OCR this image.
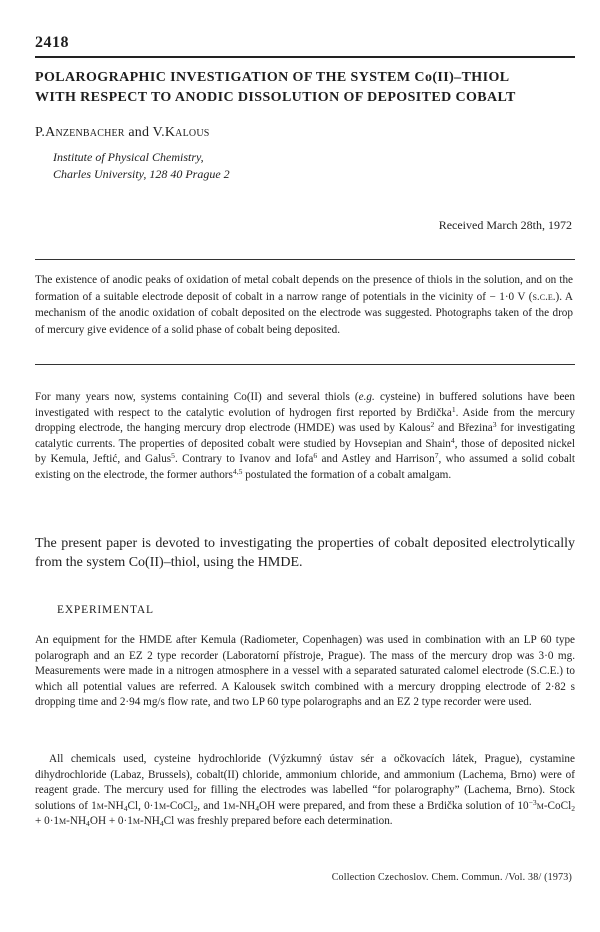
2418
POLAROGRAPHIC INVESTIGATION OF THE SYSTEM Co(II)–THIOL
WITH RESPECT TO ANODIC DISSOLUTION OF DEPOSITED COBALT
P.Anzenbacher and V.Kalous
Institute of Physical Chemistry,
Charles University, 128 40 Prague 2
Received March 28th, 1972
The existence of anodic peaks of oxidation of metal cobalt depends on the presence of thiols in the solution, and on the formation of a suitable electrode deposit of cobalt in a narrow range of potentials in the vicinity of − 1·0 V (s.c.e.). A mechanism of the anodic oxidation of cobalt deposited on the electrode was suggested. Photographs taken of the drop of mercury give evidence of a solid phase of cobalt being deposited.
For many years now, systems containing Co(II) and several thiols (e.g. cysteine) in buffered solutions have been investigated with respect to the catalytic evolution of hydrogen first reported by Brdička$^1$. Aside from the mercury dropping electrode, the hanging mercury drop electrode (HMDE) was used by Kalous$^2$ and Březina$^3$ for investigating catalytic currents. The properties of deposited cobalt were studied by Hovsepian and Shain$^4$, those of deposited nickel by Kemula, Jeftić, and Galus$^5$. Contrary to Ivanov and Iofa$^6$ and Astley and Harrison$^7$, who assumed a solid cobalt existing on the electrode, the former authors$^{4,5}$ postulated the formation of a cobalt amalgam.
The present paper is devoted to investigating the properties of cobalt deposited electrolytically from the system Co(II)–thiol, using the HMDE.
EXPERIMENTAL
An equipment for the HMDE after Kemula (Radiometer, Copenhagen) was used in combination with an LP 60 type polarograph and an EZ 2 type recorder (Laboratorní přístroje, Prague). The mass of the mercury drop was 3·0 mg. Measurements were made in a nitrogen atmosphere in a vessel with a separated saturated calomel electrode (S.C.E.) to which all potential values are referred. A Kalousek switch combined with a mercury dropping electrode of 2·82 s dropping time and 2·94 mg/s flow rate, and two LP 60 type polarographs and an EZ 2 type recorder were used.
All chemicals used, cysteine hydrochloride (Výzkumný ústav sér a očkovacích látek, Prague), cystamine dihydrochloride (Labaz, Brussels), cobalt(II) chloride, ammonium chloride, and ammonium (Lachema, Brno) were of reagent grade. The mercury used for filling the electrodes was labelled “for polarography” (Lachema, Brno). Stock solutions of $1m-NH_4Cl$, 0·1m-CoCl$_2$, and $1m-NH_4OH$ were prepared, and from these a Brdička solution of $10^{-3}m-CoCl_2 + 0\cdot 1m-NH_4OH + 0\cdot 1m-NH_4Cl$ was freshly prepared before each determination.
Collection Czechoslov. Chem. Commun. /Vol. 38/ (1973)
